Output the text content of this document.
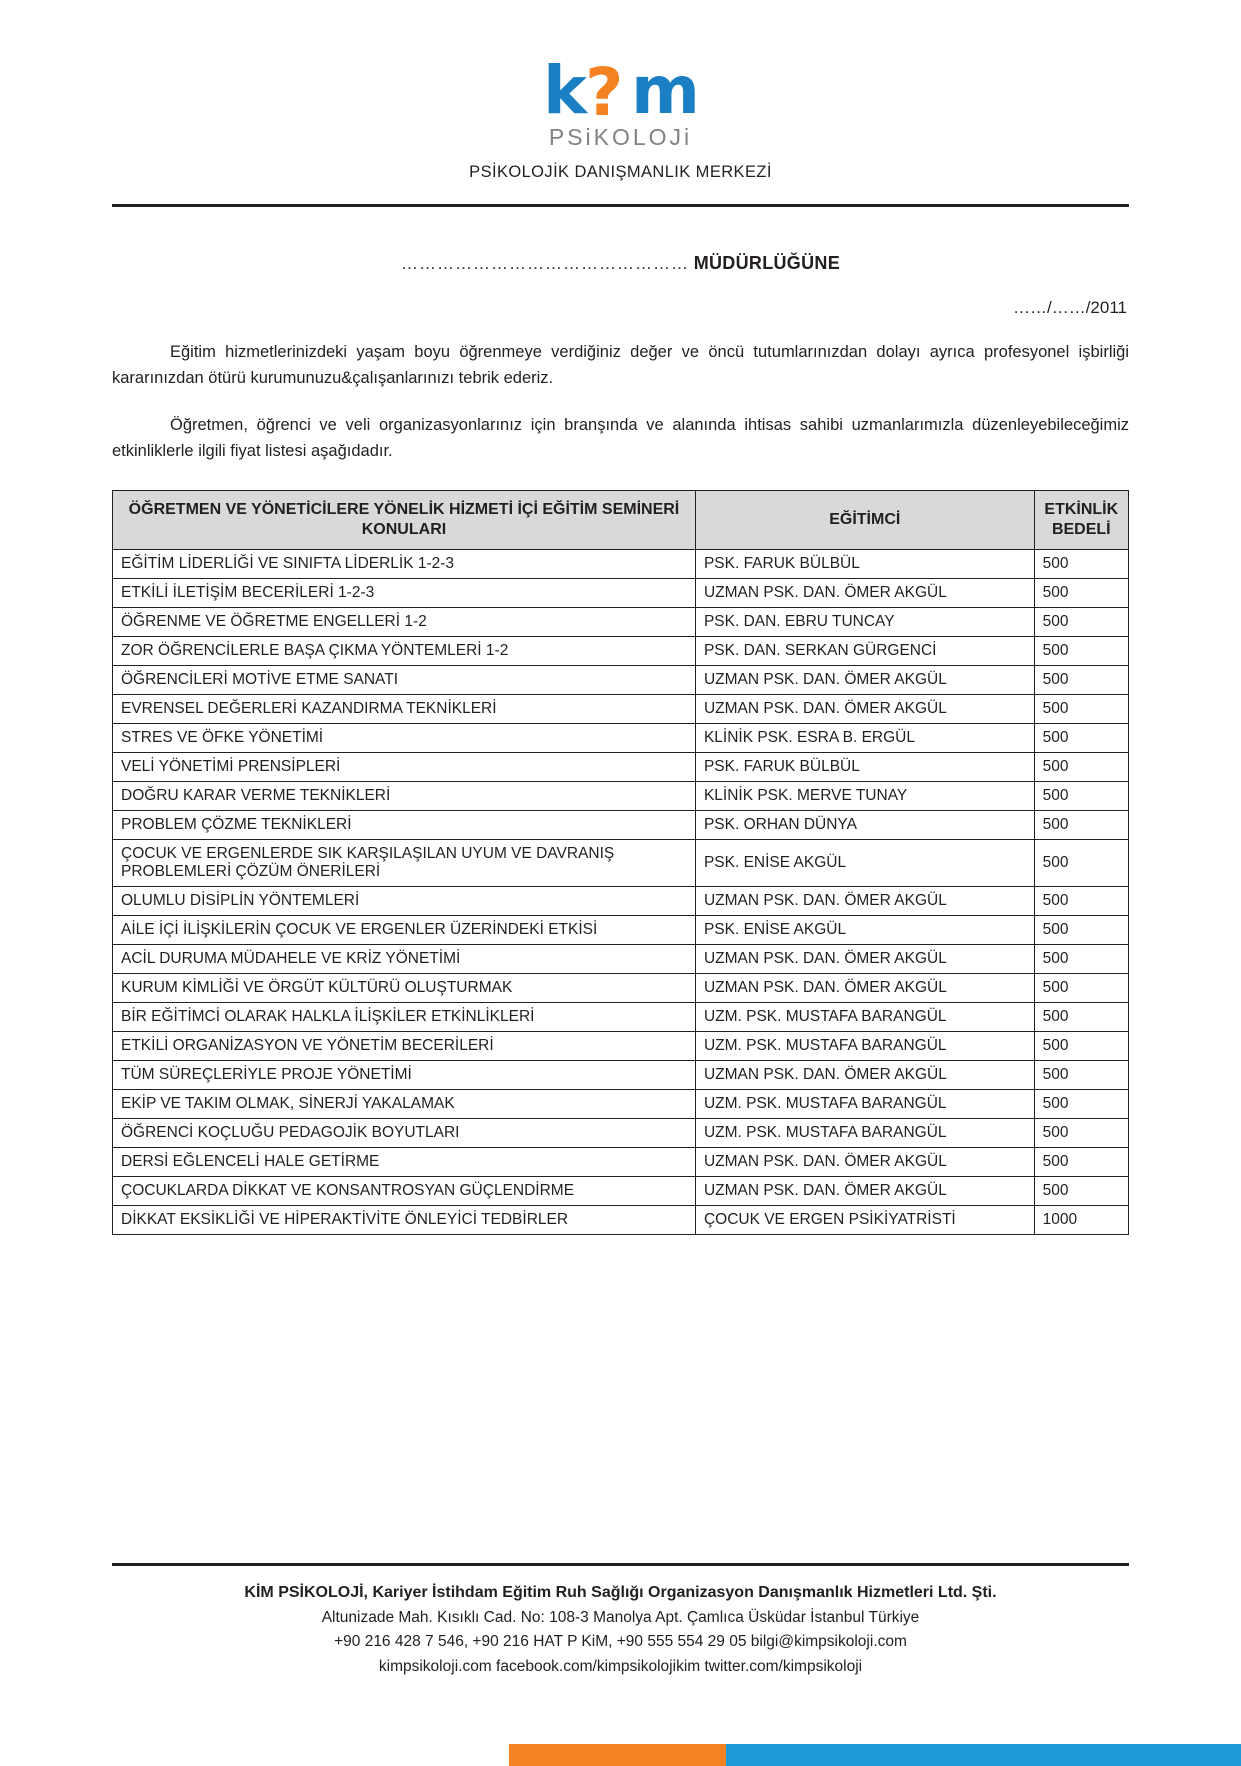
k ? m
PSiKOLOJi
PSİKOLOJİK DANIŞMANLIK MERKEZİ
………………………………………… MÜDÜRLÜĞÜNE
……/……/2011

Eğitim hizmetlerinizdeki yaşam boyu öğrenmeye verdiğiniz değer ve öncü tutumlarınızdan dolayı ayrıca profesyonel işbirliği kararınızdan ötürü kurumunuzu&çalışanlarınızı tebrik ederiz.

Öğretmen, öğrenci ve veli organizasyonlarınız için branşında ve alanında ihtisas sahibi uzmanlarımızla düzenleyebileceğimiz etkinliklerle ilgili fiyat listesi aşağıdadır.

ÖĞRETMEN VE YÖNETİCİLERE YÖNELİK HİZMETİ İÇİ EĞİTİM SEMİNERİ KONULARI	EĞİTİMCİ	ETKİNLİK BEDELİ
EĞİTİM LİDERLİĞİ VE SINIFTA LİDERLİK 1-2-3	PSK. FARUK BÜLBÜL	500
ETKİLİ İLETİŞİM BECERİLERİ 1-2-3	UZMAN PSK. DAN. ÖMER AKGÜL	500
ÖĞRENME VE ÖĞRETME ENGELLERİ 1-2	PSK. DAN. EBRU TUNCAY	500
ZOR ÖĞRENCİLERLE BAŞA ÇIKMA YÖNTEMLERİ 1-2	PSK. DAN. SERKAN GÜRGENCİ	500
ÖĞRENCİLERİ MOTİVE ETME SANATI	UZMAN PSK. DAN. ÖMER AKGÜL	500
EVRENSEL DEĞERLERİ KAZANDIRMA TEKNİKLERİ	UZMAN PSK. DAN. ÖMER AKGÜL	500
STRES VE ÖFKE YÖNETİMİ	KLİNİK PSK. ESRA B. ERGÜL	500
VELİ YÖNETİMİ PRENSİPLERİ	PSK. FARUK BÜLBÜL	500
DOĞRU KARAR VERME TEKNİKLERİ	KLİNİK PSK. MERVE TUNAY	500
PROBLEM ÇÖZME TEKNİKLERİ	PSK. ORHAN DÜNYA	500
ÇOCUK VE ERGENLERDE SIK KARŞILAŞILAN UYUM VE DAVRANIŞ PROBLEMLERİ ÇÖZÜM ÖNERİLERİ	PSK. ENİSE AKGÜL	500
OLUMLU DİSİPLİN YÖNTEMLERİ	UZMAN PSK. DAN. ÖMER AKGÜL	500
AİLE İÇİ İLİŞKİLERİN ÇOCUK VE ERGENLER ÜZERİNDEKİ ETKİSİ	PSK. ENİSE AKGÜL	500
ACİL DURUMA MÜDAHELE VE KRİZ YÖNETİMİ	UZMAN PSK. DAN. ÖMER AKGÜL	500
KURUM KİMLİĞİ VE ÖRGÜT KÜLTÜRÜ OLUŞTURMAK	UZMAN PSK. DAN. ÖMER AKGÜL	500
BİR EĞİTİMCİ OLARAK HALKLA İLİŞKİLER ETKİNLİKLERİ	UZM. PSK. MUSTAFA BARANGÜL	500
ETKİLİ ORGANİZASYON VE YÖNETİM BECERİLERİ	UZM. PSK. MUSTAFA BARANGÜL	500
TÜM SÜREÇLERİYLE PROJE YÖNETİMİ	UZMAN PSK. DAN. ÖMER AKGÜL	500
EKİP VE TAKIM OLMAK, SİNERJİ YAKALAMAK	UZM. PSK. MUSTAFA BARANGÜL	500
ÖĞRENCİ KOÇLUĞU PEDAGOJİK BOYUTLARI	UZM. PSK. MUSTAFA BARANGÜL	500
DERSİ EĞLENCELİ HALE GETİRME	UZMAN PSK. DAN. ÖMER AKGÜL	500
ÇOCUKLARDA DİKKAT VE KONSANTROSYAN GÜÇLENDİRME	UZMAN PSK. DAN. ÖMER AKGÜL	500
DİKKAT EKSİKLİĞİ VE HİPERAKTİVİTE ÖNLEYİCİ TEDBİRLER	ÇOCUK VE ERGEN PSİKİYATRİSTİ	1000
KİM PSİKOLOJİ, Kariyer İstihdam Eğitim Ruh Sağlığı Organizasyon Danışmanlık Hizmetleri Ltd. Şti.
Altunizade Mah. Kısıklı Cad. No: 108-3 Manolya Apt. Çamlıca Üsküdar İstanbul Türkiye
+90 216 428 7 546, +90 216 HAT P KiM, +90 555 554 29 05 bilgi@kimpsikoloji.com
kimpsikoloji.com facebook.com/kimpsikolojikim twitter.com/kimpsikoloji
